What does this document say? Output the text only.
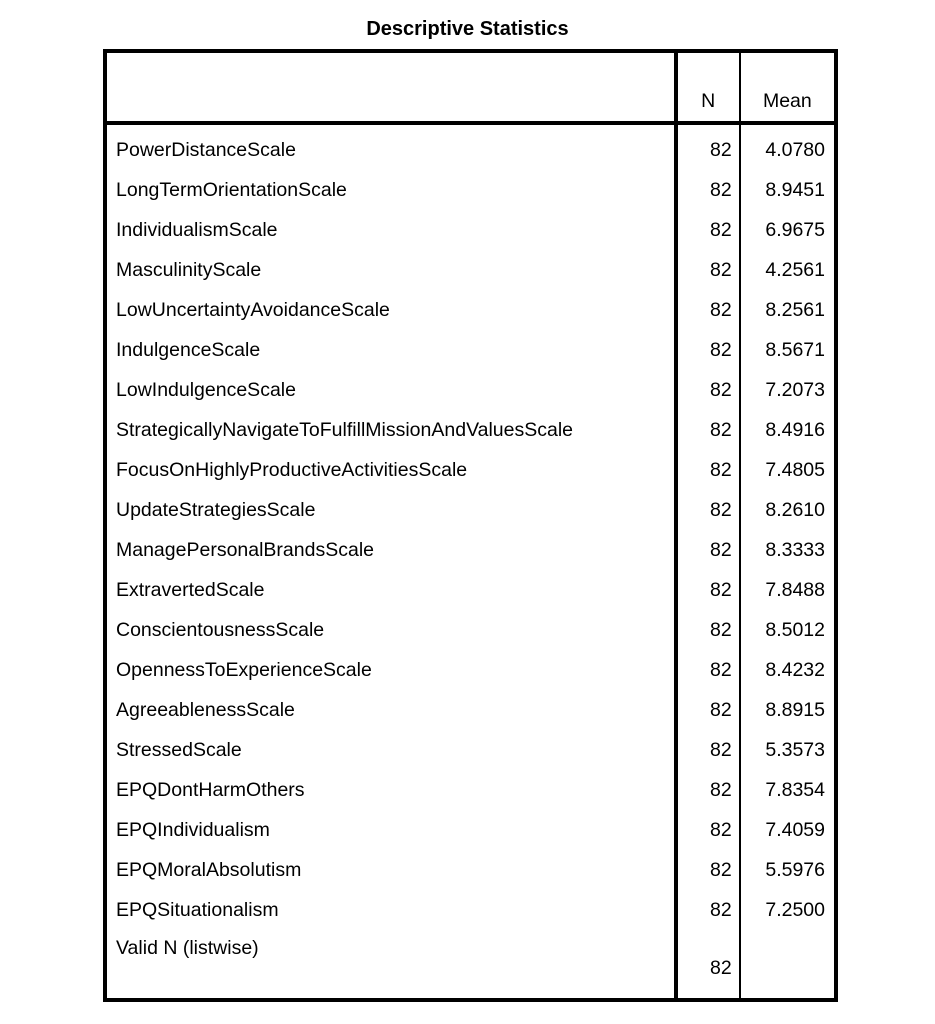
Descriptive Statistics
	N	Mean
PowerDistanceScale	82	4.0780
LongTermOrientationScale	82	8.9451
IndividualismScale	82	6.9675
MasculinityScale	82	4.2561
LowUncertaintyAvoidanceScale	82	8.2561
IndulgenceScale	82	8.5671
LowIndulgenceScale	82	7.2073
StrategicallyNavigateToFulfillMissionAndValuesScale	82	8.4916
FocusOnHighlyProductiveActivitiesScale	82	7.4805
UpdateStrategiesScale	82	8.2610
ManagePersonalBrandsScale	82	8.3333
ExtravertedScale	82	7.8488
ConscientousnessScale	82	8.5012
OpennessToExperienceScale	82	8.4232
AgreeablenessScale	82	8.8915
StressedScale	82	5.3573
EPQDontHarmOthers	82	7.8354
EPQIndividualism	82	7.4059
EPQMoralAbsolutism	82	5.5976
EPQSituationalism	82	7.2500
Valid N (listwise)	82	
